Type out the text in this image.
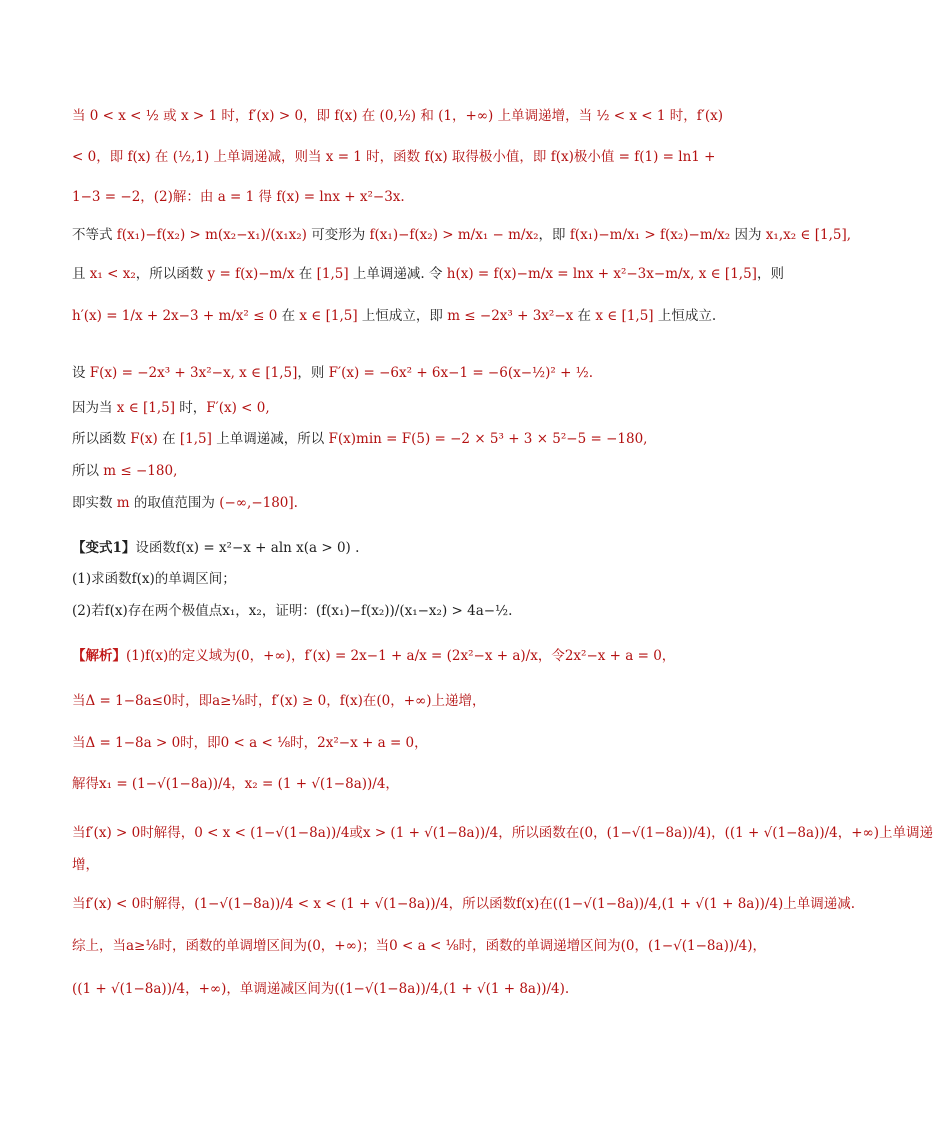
当 0 < x < ½ 或 x > 1 时，f′(x) > 0，即 f(x) 在 (0,½) 和 (1，+∞) 上单调递增，当 ½ < x < 1 时，f′(x)
< 0，即 f(x) 在 (½,1) 上单调递减，则当 x = 1 时，函数 f(x) 取得极小值，即 f(x)极小值 = f(1) = ln1 +
1−3 = −2，(2)解：由 a = 1 得 f(x) = lnx + x²−3x.
不等式 f(x₁)−f(x₂) > m(x₂−x₁)/(x₁x₂) 可变形为 f(x₁)−f(x₂) > m/x₁ − m/x₂，即 f(x₁)−m/x₁ > f(x₂)−m/x₂ 因为 x₁,x₂ ∈ [1,5],
且 x₁ < x₂，所以函数 y = f(x)−m/x 在 [1,5] 上单调递减. 令 h(x) = f(x)−m/x = lnx + x²−3x−m/x, x ∈ [1,5]，则
h′(x) = 1/x + 2x−3 + m/x² ≤ 0 在 x ∈ [1,5] 上恒成立，即 m ≤ −2x³ + 3x²−x 在 x ∈ [1,5] 上恒成立.
设 F(x) = −2x³ + 3x²−x, x ∈ [1,5]，则 F′(x) = −6x² + 6x−1 = −6(x−½)² + ½.
因为当 x ∈ [1,5] 时，F′(x) < 0,
所以函数 F(x) 在 [1,5] 上单调递减，所以 F(x)min = F(5) = −2 × 5³ + 3 × 5²−5 = −180,
所以 m ≤ −180,
即实数 m 的取值范围为 (−∞,−180].
【变式1】设函数f(x) = x²−x + aln x(a > 0) .
(1)求函数f(x)的单调区间；
(2)若f(x)存在两个极值点x₁，x₂，证明：(f(x₁)−f(x₂))/(x₁−x₂) > 4a−½.
【解析】(1)f(x)的定义域为(0，+∞)，f′(x) = 2x−1 + a/x = (2x²−x + a)/x，令2x²−x + a = 0，
当Δ = 1−8a≤0时，即a≥⅛时，f′(x) ≥ 0，f(x)在(0，+∞)上递增，
当Δ = 1−8a > 0时，即0 < a < ⅛时，2x²−x + a = 0，
解得x₁ = (1−√(1−8a))/4，x₂ = (1 + √(1−8a))/4，
当f′(x) > 0时解得，0 < x < (1−√(1−8a))/4或x > (1 + √(1−8a))/4，所以函数在(0，(1−√(1−8a))/4)，((1 + √(1−8a))/4，+∞)上单调递
增，
当f′(x) < 0时解得，(1−√(1−8a))/4 < x < (1 + √(1−8a))/4，所以函数f(x)在((1−√(1−8a))/4,(1 + √(1 + 8a))/4)上单调递减.
综上，当a≥⅛时，函数的单调增区间为(0，+∞)；当0 < a < ⅛时，函数的单调递增区间为(0，(1−√(1−8a))/4)，
((1 + √(1−8a))/4，+∞)，单调递减区间为((1−√(1−8a))/4,(1 + √(1 + 8a))/4).
